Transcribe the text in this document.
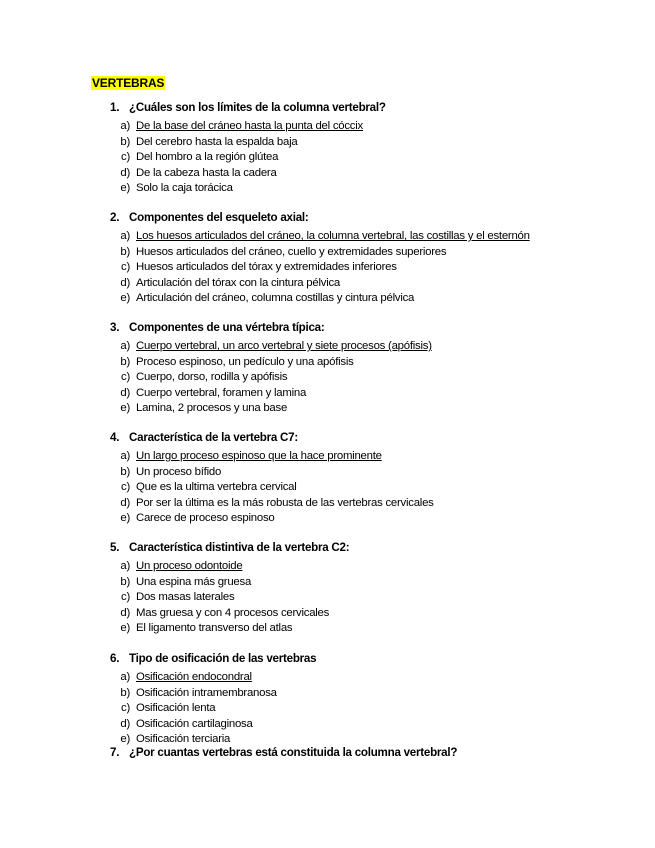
VERTEBRAS
1. ¿Cuáles son los límites de la columna vertebral?
a) De la base del cráneo hasta la punta del cóccix
b) Del cerebro hasta la espalda baja
c) Del hombro a la región glútea
d) De la cabeza hasta la cadera
e) Solo la caja torácica
2. Componentes del esqueleto axial:
a) Los huesos articulados del cráneo, la columna vertebral, las costillas y el esternón
b) Huesos articulados del cráneo, cuello y extremidades superiores
c) Huesos articulados del tórax y extremidades inferiores
d) Articulación del tórax con la cintura pélvica
e) Articulación del cráneo, columna costillas y cintura pélvica
3. Componentes de una vértebra típica:
a) Cuerpo vertebral, un arco vertebral y siete procesos (apófisis)
b) Proceso espinoso, un pedículo y una apófisis
c) Cuerpo, dorso, rodilla y apófisis
d) Cuerpo vertebral, foramen y lamina
e) Lamina, 2 procesos y una base
4. Característica de la vertebra C7:
a) Un largo proceso espinoso que la hace prominente
b) Un proceso bífido
c) Que es la ultima vertebra cervical
d) Por ser la última es la más robusta de las vertebras cervicales
e) Carece de proceso espinoso
5. Característica distintiva de la vertebra C2:
a) Un proceso odontoide
b) Una espina más gruesa
c) Dos masas laterales
d) Mas gruesa y con 4 procesos cervicales
e) El ligamento transverso del atlas
6. Tipo de osificación de las vertebras
a) Osificación endocondral
b) Osificación intramembranosa
c) Osificación lenta
d) Osificación cartilaginosa
e) Osificación terciaria
7. ¿Por cuantas vertebras está constituida la columna vertebral?
